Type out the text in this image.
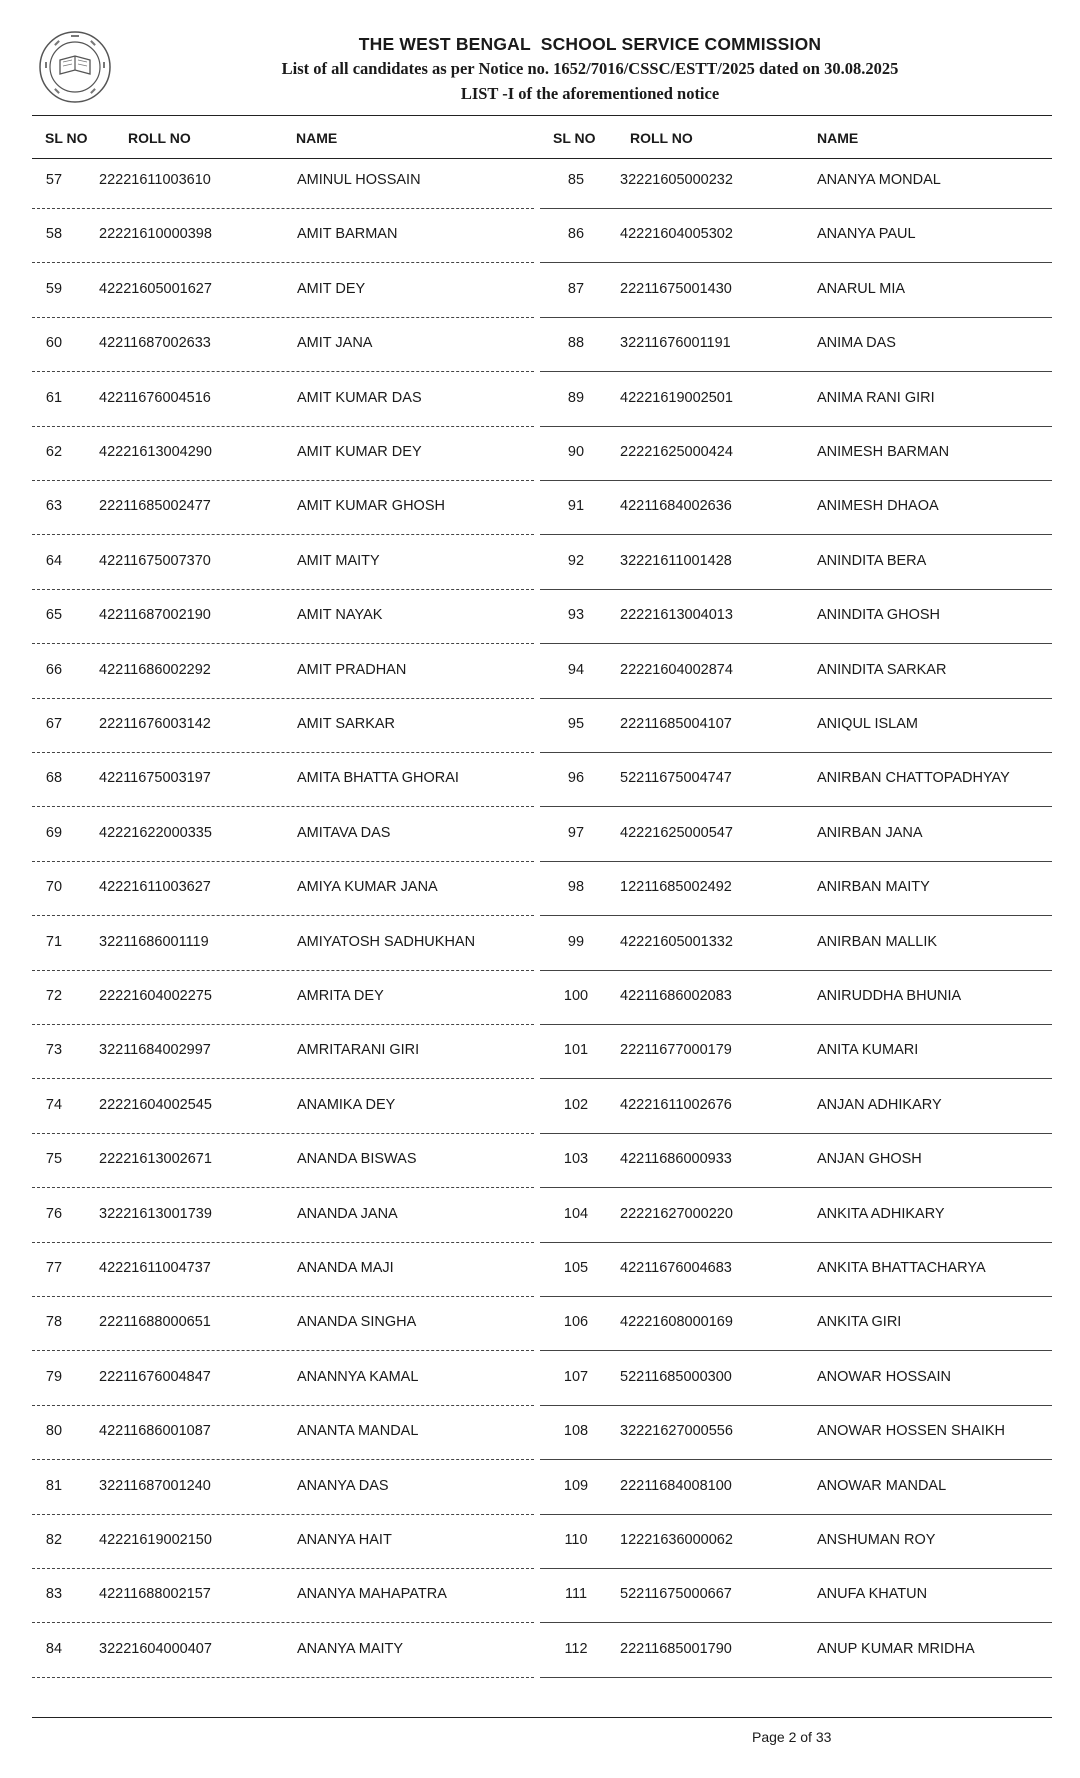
THE WEST BENGAL  SCHOOL SERVICE COMMISSION
List of all candidates as per Notice no. 1652/7016/CSSC/ESTT/2025 dated on 30.08.2025
LIST -I of the aforementioned notice
SL NO	ROLL NO	NAME	SL NO ROLL NO	NAME
57	22221611003610	AMINUL HOSSAIN	85	32221605000232	ANANYA MONDAL
58	22221610000398	AMIT BARMAN	86	42221604005302	ANANYA PAUL
59	42221605001627	AMIT DEY	87	22211675001430	ANARUL MIA
60	42211687002633	AMIT JANA	88	32211676001191	ANIMA DAS
61	42211676004516	AMIT KUMAR DAS	89	42221619002501	ANIMA RANI GIRI
62	42221613004290	AMIT KUMAR DEY	90	22221625000424	ANIMESH BARMAN
63	22211685002477	AMIT KUMAR GHOSH	91	42211684002636	ANIMESH DHAOA
64	42211675007370	AMIT MAITY	92	32221611001428	ANINDITA BERA
65	42211687002190	AMIT NAYAK	93	22221613004013	ANINDITA GHOSH
66	42211686002292	AMIT PRADHAN	94	22221604002874	ANINDITA SARKAR
67	22211676003142	AMIT SARKAR	95	22211685004107	ANIQUL ISLAM
68	42211675003197	AMITA BHATTA GHORAI	96	52211675004747	ANIRBAN CHATTOPADHYAY
69	42221622000335	AMITAVA DAS	97	42221625000547	ANIRBAN JANA
70	42221611003627	AMIYA KUMAR JANA	98	12211685002492	ANIRBAN MAITY
71	32211686001119	AMIYATOSH SADHUKHAN	99	42221605001332	ANIRBAN MALLIK
72	22221604002275	AMRITA DEY	100	42211686002083	ANIRUDDHA BHUNIA
73	32211684002997	AMRITARANI GIRI	101	22211677000179	ANITA KUMARI
74	22221604002545	ANAMIKA DEY	102	42221611002676	ANJAN ADHIKARY
75	22221613002671	ANANDA BISWAS	103	42211686000933	ANJAN GHOSH
76	32221613001739	ANANDA JANA	104	22221627000220	ANKITA ADHIKARY
77	42221611004737	ANANDA MAJI	105	42211676004683	ANKITA BHATTACHARYA
78	22211688000651	ANANDA SINGHA	106	42221608000169	ANKITA GIRI
79	22211676004847	ANANNYA KAMAL	107	52211685000300	ANOWAR HOSSAIN
80	42211686001087	ANANTA MANDAL	108	32221627000556	ANOWAR HOSSEN SHAIKH
81	32211687001240	ANANYA DAS	109	22211684008100	ANOWAR MANDAL
82	42221619002150	ANANYA HAIT	110	12221636000062	ANSHUMAN ROY
83	42211688002157	ANANYA MAHAPATRA	111	52211675000667	ANUFA KHATUN
84	32221604000407	ANANYA MAITY	112	22211685001790	ANUP KUMAR MRIDHA
Page 2 of 33
